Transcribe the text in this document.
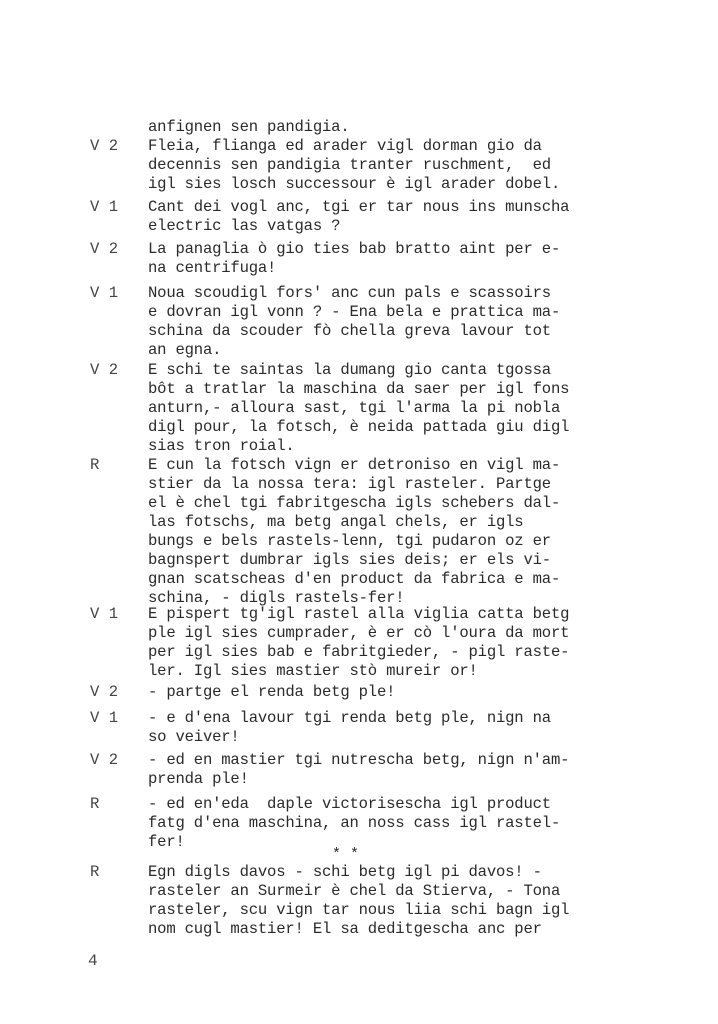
V 2
V 1
V 2
V 1
V 2
R
V 1
V 2
V 1
V 2
R
R
anfignen sen pandigia.
Fleia, flianga ed arader vigl dorman gio da
decennis sen pandigia tranter ruschment,  ed
igl sies losch successour è igl arader dobel.
Cant dei vogl anc, tgi er tar nous ins munscha
electric las vatgas ?
La panaglia ò gio ties bab bratto aint per e-
na centrifuga!
Noua scoudigl fors' anc cun pals e scassoirs
e dovran igl vonn ? - Ena bela e prattica ma-
schina da scouder fò chella greva lavour tot
an egna.
E schi te saintas la dumang gio canta tgossa
bôt a tratlar la maschina da saer per igl fons
anturn,- alloura sast, tgi l'arma la pi nobla
digl pour, la fotsch, è neida pattada giu digl
sias tron roial.
E cun la fotsch vign er detroniso en vigl ma-
stier da la nossa tera: igl rasteler. Partge
el è chel tgi fabritgescha igls schebers dal-
las fotschs, ma betg angal chels, er igls
bungs e bels rastels-lenn, tgi pudaron oz er
bagnspert dumbrar igls sies deis; er els vi-
gnan scatscheas d'en product da fabrica e ma-
schina, - digls rastels-fer!
E pispert tg'igl rastel alla viglia catta betg
ple igl sies cumprader, è er cò l'oura da mort
per igl sies bab e fabritgieder, - pigl raste-
ler. Igl sies mastier stò mureir or!
- partge el renda betg ple!
- e d'ena lavour tgi renda betg ple, nign na
so veiver!
- ed en mastier tgi nutrescha betg, nign n'am-
prenda ple!
- ed en'eda  daple victorisescha igl product
fatg d'ena maschina, an noss cass igl rastel-
fer!
* *
Egn digls davos - schi betg igl pi davos! -
rasteler an Surmeir è chel da Stierva, - Tona
rasteler, scu vign tar nous liia schi bagn igl
nom cugl mastier! El sa deditgescha anc per
4
